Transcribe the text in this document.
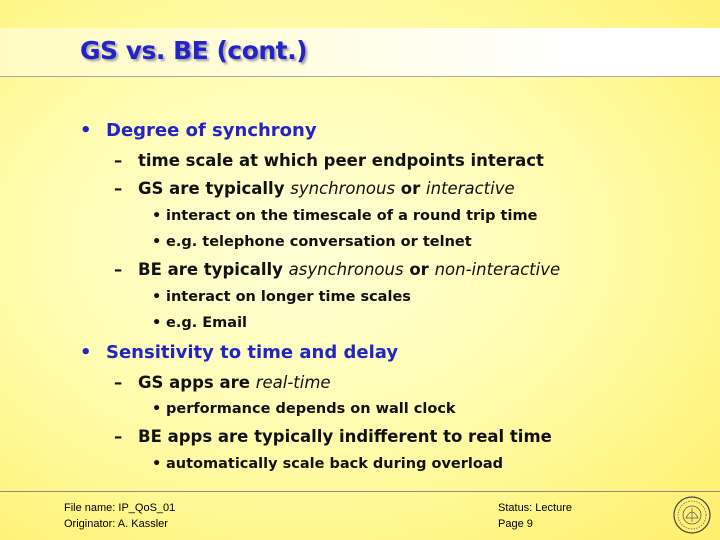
GS vs. BE (cont.)
• Degree of synchrony
– time scale at which peer endpoints interact
– GS are typically synchronous or interactive
• interact on the timescale of a round trip time
• e.g. telephone conversation or telnet
– BE are typically asynchronous or non-interactive
• interact on longer time scales
• e.g. Email
• Sensitivity to time and delay
– GS apps are real-time
• performance depends on wall clock
– BE apps are typically indifferent to real time
• automatically scale back during overload
File name: IP_QoS_01
Originator: A. Kassler
Status: Lecture
Page 9
